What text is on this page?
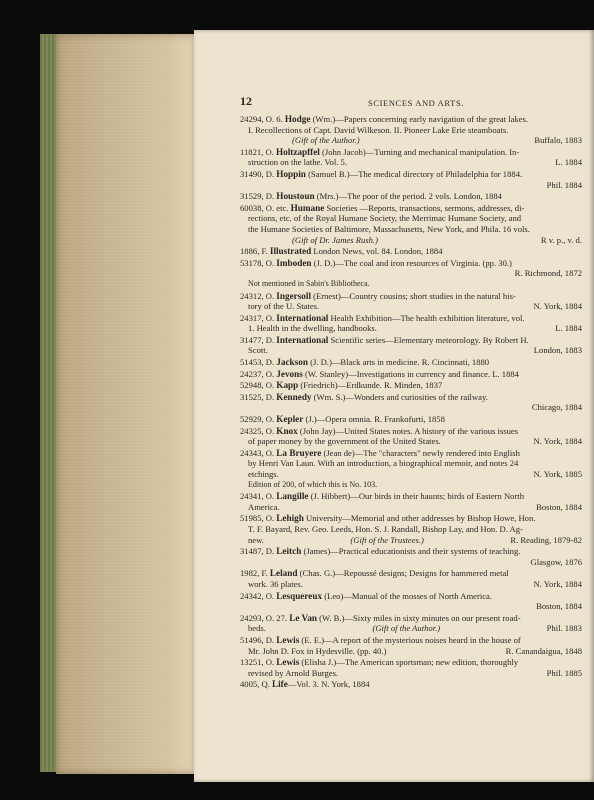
12	SCIENCES AND ARTS.
24294, O. 6. Hodge (Wm.)—Papers concerning early navigation of the great lakes.
I. Recollections of Capt. David Wilkeson. II. Pioneer Lake Erie steamboats.
(Gift of the Author.)	Buffalo, 1883
11821, O. Holtzapffel (John Jacob)—Turning and mechanical manipulation. In-
struction on the lathe. Vol. 5.	L. 1884
31490, D. Hoppin (Samuel B.)—The medical directory of Philadelphia for 1884.
Phil. 1884
31529, D. Houstoun (Mrs.)—The poor of the period. 2 vols. London, 1884
60038, O. etc. Humane Societies —Reports, transactions, sermons, addresses, di-
rections, etc. of the Royal Humane Society, the Merrimac Humane Society, and
the Humane Societies of Baltimore, Massachusetts, New York, and Phila. 16 vols.
(Gift of Dr. James Rush.)	R v. p., v. d.
1886, F. Illustrated London News, vol. 84. London, 1884
53178, O. Imboden (J. D.)—The coal and iron resources of Virginia. (pp. 30.)
R. Richmond, 1872
Not mentioned in Sabin's Bibliotheca.
24312, O. Ingersoll (Ernest)—Country cousins; short studies in the natural his-
tory of the U. States.	N. York, 1884
24317, O. International Health Exhibition—The health exhibition literature, vol.
1. Health in the dwelling, handbooks.	L. 1884
31477, D. International Scientific series—Elementary meteorology. By Robert H.
Scott.	London, 1883
51453, D. Jackson (J. D.)—Black arts in medicine. R. Cincinnati, 1880
24237, O. Jevons (W. Stanley)—Investigations in currency and finance. L. 1884
52948, O. Kapp (Friedrich)—Erdkunde. R. Minden, 1837
31525, D. Kennedy (Wm. S.)—Wonders and curiosities of the railway.
Chicago, 1884
52929, O. Kepler (J.)—Opera omnia. R. Frankofurti, 1858
24325, O. Knox (John Jay)—United States notes. A history of the various issues
of paper money by the government of the United States.	N. York, 1884
24343, O. La Bruyere (Jean de)—The "characters" newly rendered into English
by Henri Van Laun. With an introduction, a biographical memoir, and notes 24
etchings.	N. York, 1885
Edition of 200, of which this is No. 103.
24341, O. Langille (J. Hibbert)—Our birds in their haunts; birds of Eastern North
America.	Boston, 1884
51985, O. Lehigh University—Memorial and other addresses by Bishop Howe, Hon.
T. F. Bayard, Rev. Geo. Leeds, Hon. S. J. Randall, Bishop Lay, and Hon. D. Ag-
new.	(Gift of the Trustees.)	R. Reading, 1879-82
31487, D. Leitch (James)—Practical educationists and their systems of teaching.
Glasgow, 1876
1982, F. Leland (Chas. G.)—Repoussé designs; Designs for hammered metal
work. 36 plates.	N. York, 1884
24342, O. Lesquereux (Leo)—Manual of the mosses of North America.
Boston, 1884
24293, O. 27. Le Van (W. B.)—Sixty miles in sixty minutes on our present road-
beds.	(Gift of the Author.)	Phil. 1883
51496, D. Lewis (E. E.)—A report of the mysterious noises heard in the house of
Mr. John D. Fox in Hydesville. (pp. 40.)	R. Canandaigua, 1848
13251, O. Lewis (Elisha J.)—The American sportsman; new edition, thoroughly
revised by Arnold Burges.	Phil. 1885
4005, Q. Life—Vol. 3. N. York, 1884
